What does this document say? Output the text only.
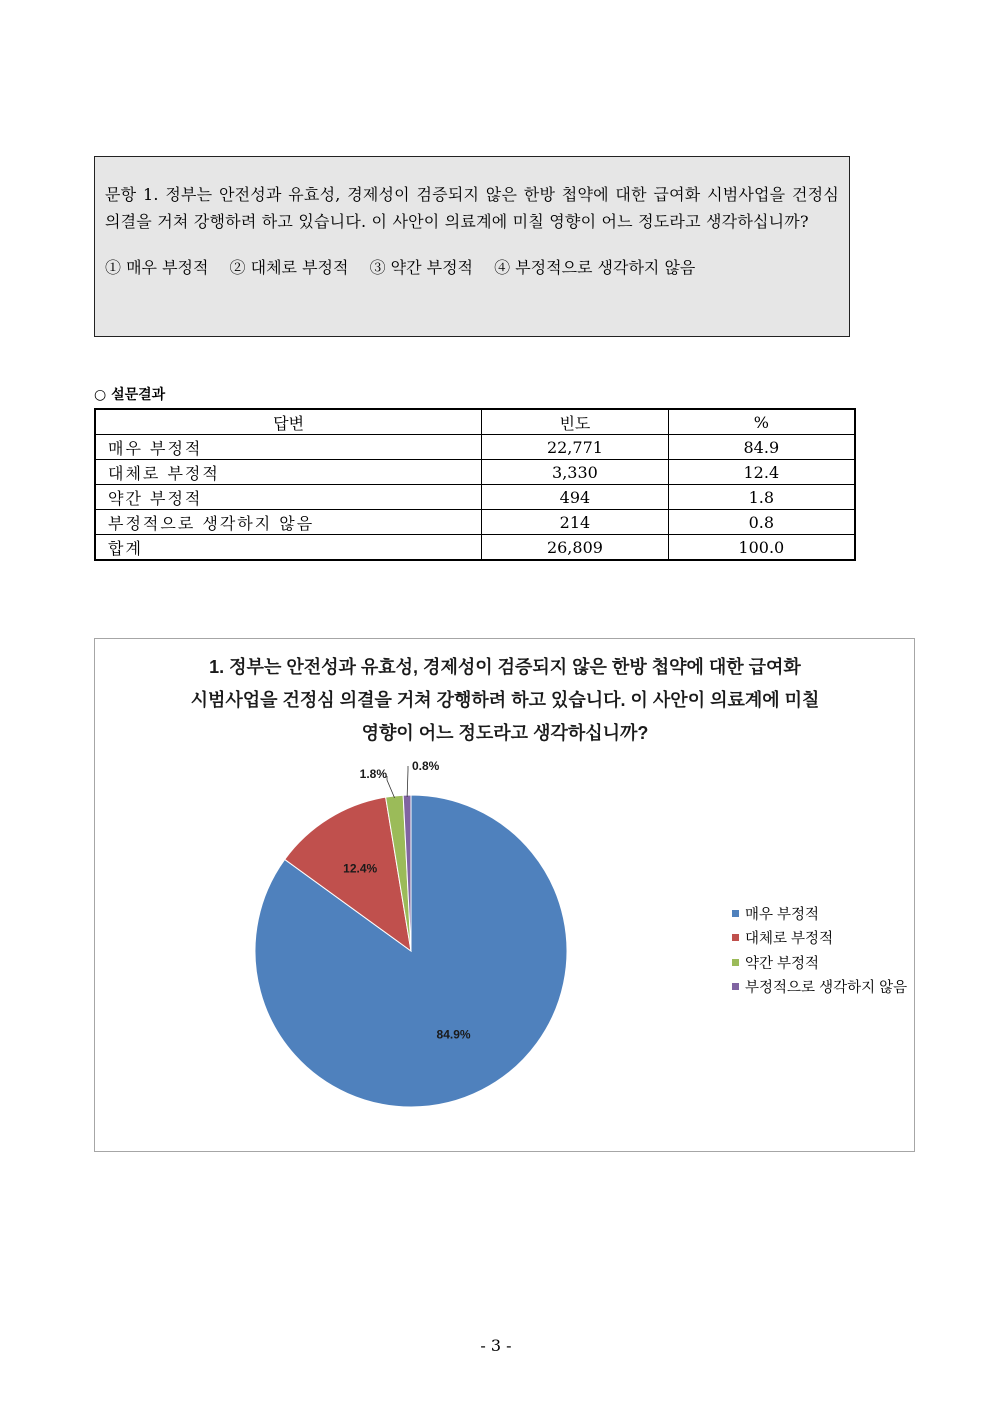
문항 1. 정부는 안전성과 유효성, 경제성이 검증되지 않은 한방 첩약에 대한 급여화 시범사업을 건정심 의결을 거쳐 강행하려 하고 있습니다. 이 사안이 의료계에 미칠 영향이 어느 정도라고 생각하십니까?

① 매우 부정적 ② 대체로 부정적 ③ 약간 부정적 ④ 부정적으로 생각하지 않음
○ 설문결과
답변	빈도	%
매우 부정적	22,771	84.9
대체로 부정적	3,330	12.4
약간 부정적	494	1.8
부정적으로 생각하지 않음	214	0.8
합계	26,809	100.0
1. 정부는 안전성과 유효성, 경제성이 검증되지 않은 한방 첩약에 대한 급여화
시범사업을 건정심 의결을 거쳐 강행하려 하고 있습니다. 이 사안이 의료계에 미칠
영향이 어느 정도라고 생각하십니까?
84.9%
12.4%
1.8%
0.8%
매우 부정적
대체로 부정적
약간 부정적
부정적으로 생각하지 않음
- 3 -
